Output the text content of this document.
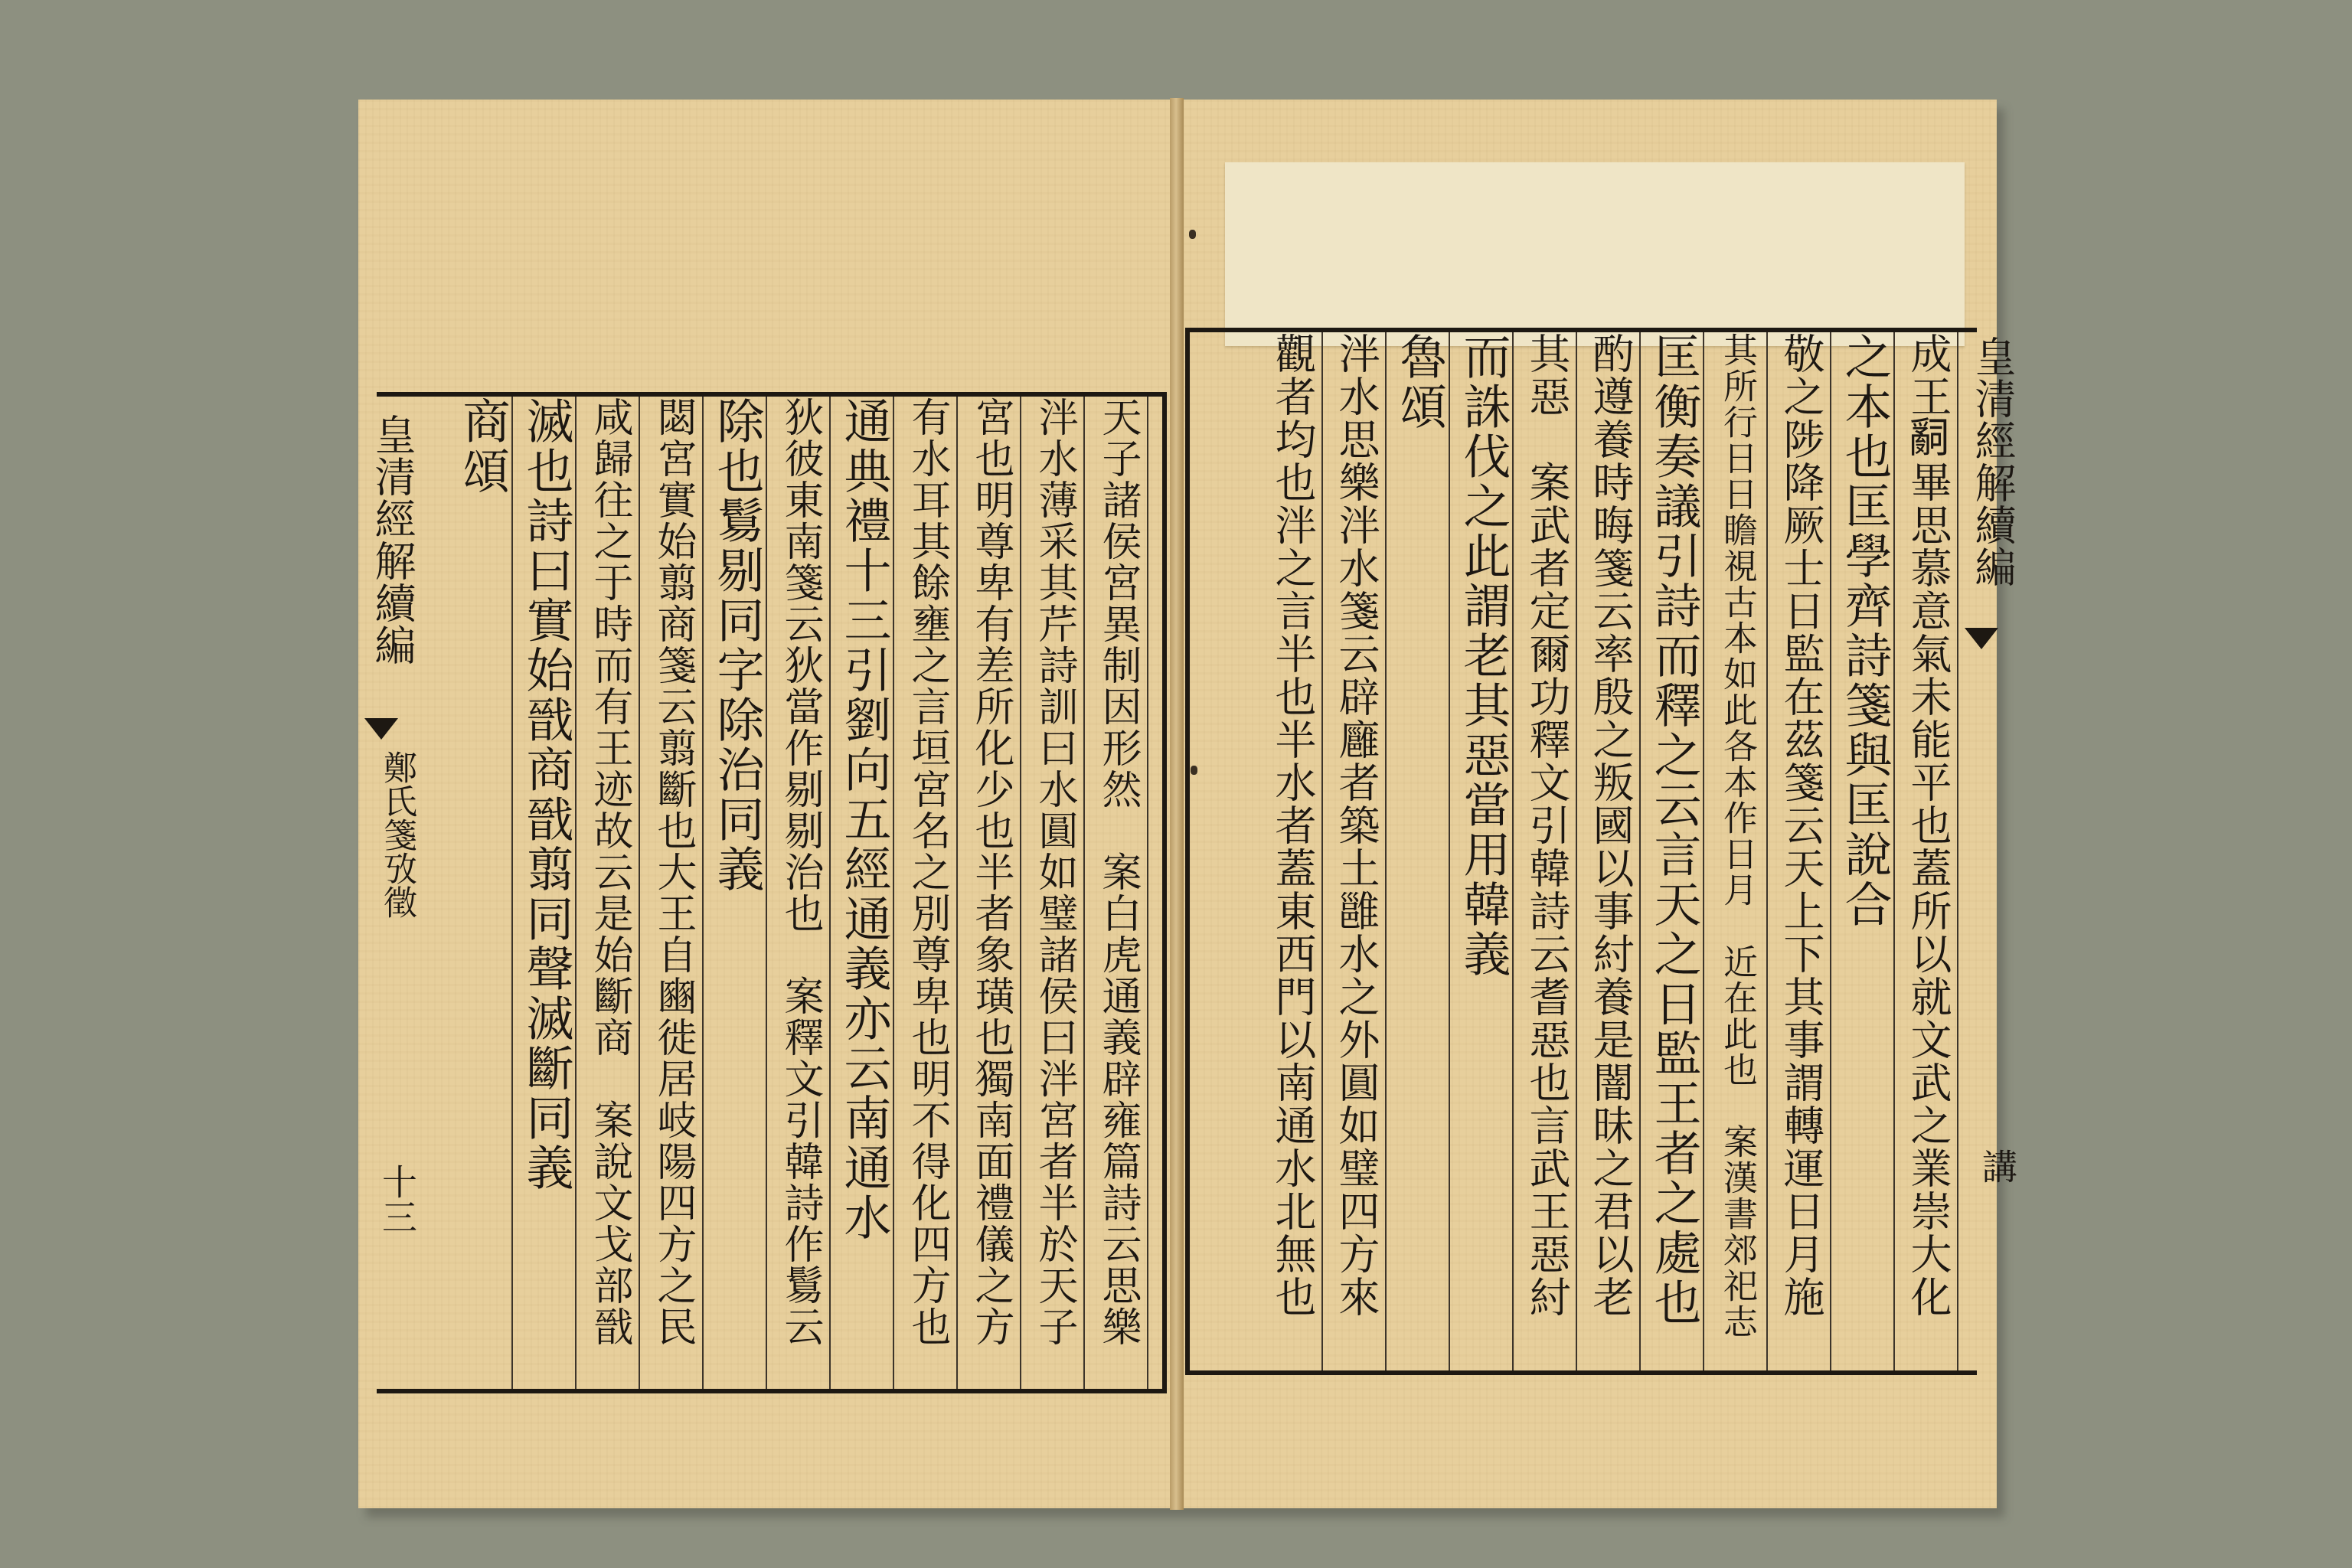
皇清經解續編
鄭氏箋攷徵
十三	天子諸侯宮異制因形然　案白虎通義辟雍篇詩云思樂
泮水薄采其芹詩訓曰水圓如璧諸侯曰泮宮者半於天子
宮也明尊卑有差所化少也半者象璜也獨南面禮儀之方
有水耳其餘壅之言垣宮名之別尊卑也明不得化四方也
通典禮十三引劉向五經通義亦云南通水
狄彼東南箋云狄當作剔剔治也　案釋文引韓詩作鬄云
除也鬄剔同字除治同義
閟宮實始翦商箋云翦斷也大王自豳徙居岐陽四方之民
咸歸往之于時而有王迹故云是始斷商　案說文戈部戩
滅也詩曰實始戩商戩翦同聲滅斷同義
商頌	皇清經解續編
講
成王𤔲畢思慕意氣未能平也蓋所以就文武之業崇大化
之本也匡學齊詩箋與匡說合
敬之陟降厥士日監在茲箋云天上下其事謂轉運日月施
其所行日日瞻視古本如此各本作日月　近在此也　案漢書郊祀志
匡衡奏議引詩而釋之云言天之日監王者之處也
酌遵養時晦箋云率殷之叛國以事紂養是闇昧之君以老
其惡　案武者定爾功釋文引韓詩云耆惡也言武王惡紂
而誅伐之此謂老其惡當用韓義
魯頌
泮水思樂泮水箋云辟廱者築土雝水之外圓如璧四方來
觀者均也泮之言半也半水者蓋東西門以南通水北無也
